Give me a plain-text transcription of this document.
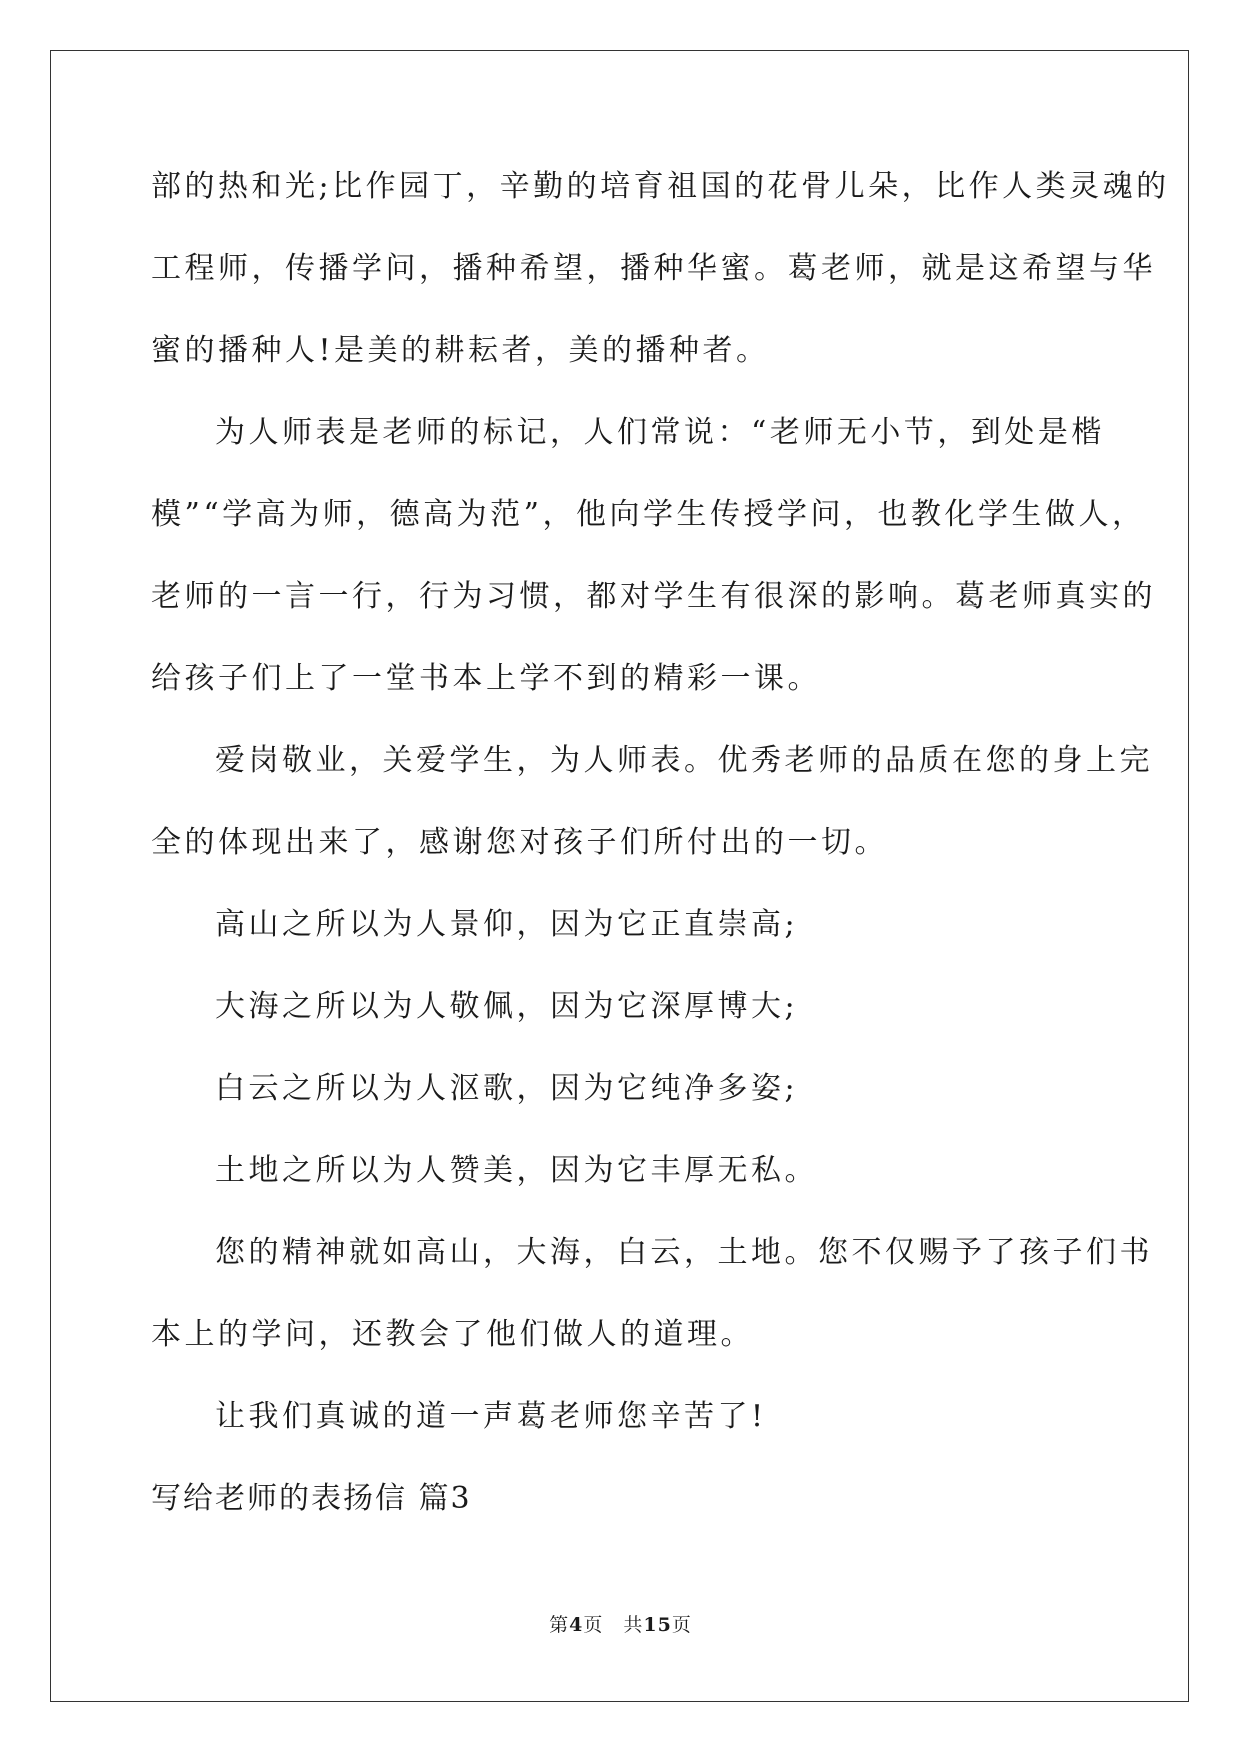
部的热和光;比作园丁，辛勤的培育祖国的花骨儿朵，比作人类灵魂的
工程师，传播学问，播种希望，播种华蜜。葛老师，就是这希望与华
蜜的播种人!是美的耕耘者，美的播种者。
为人师表是老师的标记，人们常说：“老师无小节，到处是楷
模”“学高为师，德高为范”，他向学生传授学问，也教化学生做人，
老师的一言一行，行为习惯，都对学生有很深的影响。葛老师真实的
给孩子们上了一堂书本上学不到的精彩一课。
爱岗敬业，关爱学生，为人师表。优秀老师的品质在您的身上完
全的体现出来了，感谢您对孩子们所付出的一切。
高山之所以为人景仰，因为它正直崇高;
大海之所以为人敬佩，因为它深厚博大;
白云之所以为人沤歌，因为它纯净多姿;
土地之所以为人赞美，因为它丰厚无私。
您的精神就如高山，大海，白云，土地。您不仅赐予了孩子们书
本上的学问，还教会了他们做人的道理。
让我们真诚的道一声葛老师您辛苦了!
写给老师的表扬信 篇3
第4页 共15页
